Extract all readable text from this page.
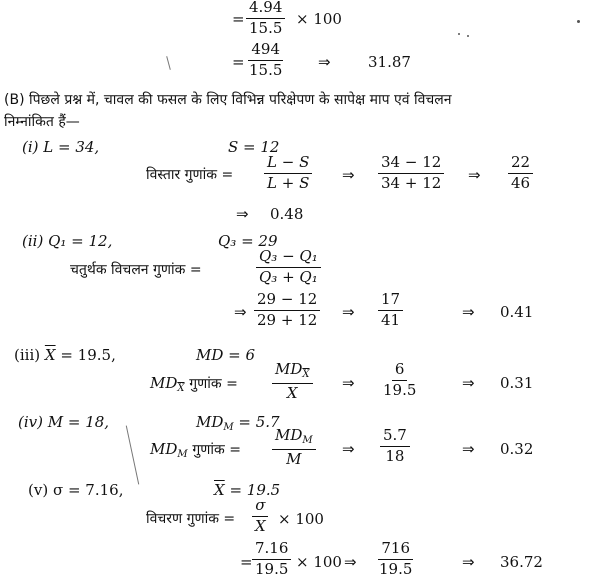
= $\frac{4.94}{15.5} \times 100$
= $\frac{494}{15.5}$ ⇒ 31.87
(B) पिछले प्रश्न में, चावल की फसल के लिए विभिन्न परिक्षेपण के सापेक्ष माप एवं विचलन
निम्नांकित हैं—
(i) L = 34,	S = 12
विस्तार गुणांक = $\frac{L - S}{L + S}$ ⇒ $\frac{34 - 12}{34 + 12}$ ⇒ $\frac{22}{46}$
⇒ 0.48
(ii) Q₁ = 12,	Q₃ = 29
चतुर्थक विचलन गुणांक =	$\frac{\text{Q₃ − Q₁}}{\text{Q₃ + Q₁}}$
⇒ $\frac{29 - 12}{29 + 12}$ ⇒ $\frac{17}{41}$	⇒ 0.41
(iii) $\overline{X} = 19.5$,	MD = 6
$MD_{\overline{X}}$ गुणांक =
$MD_{\overline{X}}$
$\overline{X}$
⇒ $\frac{6}{19.5}$	⇒ 0.31
(iv) M = 18,	$MD_M = 5.7$
$MD_M$ गुणांक =
$MD_M$
M
⇒ $\frac{5.7}{18}$	⇒ 0.32
(v) σ = 7.16,	$\overline{X} = 19.5$
विचरण गुणांक = $\frac{\sigma}{X} \times 100$
= $\frac{7.16}{19.5} \times 100$ ⇒ $\frac{716}{19.5}$	⇒ 36.72
